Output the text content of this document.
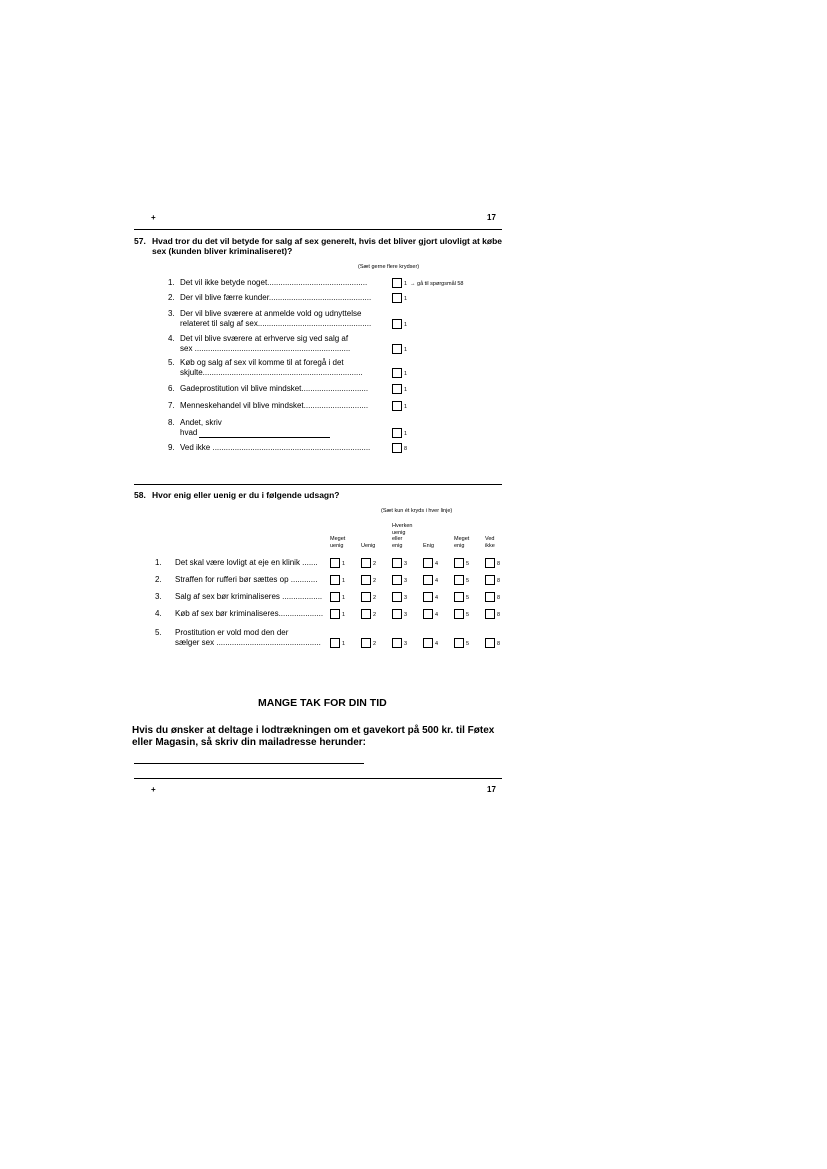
+	17
57. Hvad tror du det vil betyde for salg af sex generelt, hvis det bliver gjort ulovligt at købe sex (kunden bliver kriminaliseret)?
(Sæt gerne flere krydser)
1. Det vil ikke betyde noget.............................................	1 → gå til spørgsmål 58
2. Der vil blive færre kunder..............................................	1
3. Der vil blive sværere at anmelde vold og udnyttelse
relateret til salg af sex...................................................	1
4. Det vil blive sværere at erhverve sig ved salg af
sex ......................................................................	1
5. Køb og salg af sex vil komme til at foregå i det
skjulte........................................................................	1
6. Gadeprostitution vil blive mindsket..............................	1
7. Menneskehandel vil blive mindsket.............................	1
8. Andet, skriv
hvad	1
9. Ved ikke .......................................................................	8
58. Hvor enig eller uenig er du i følgende udsagn?
(Sæt kun ét kryds i hver linje)
Meget
uenig	Uenig
Hverken
uenig
eller
enig	Enig
Meget
enig
Ved
ikke
1. Det skal være lovligt at eje en klinik .......	1	2	3	4	5	8
2. Straffen for rufferi bør sættes op ............	1	2	3	4	5	8
3. Salg af sex bør kriminaliseres ..................	1	2	3	4	5	8
4. Køb af sex bør kriminaliseres....................	1	2	3	4	5	8
5. Prostitution er vold mod den der
sælger sex ...............................................	1	2	3	4	5	8
MANGE TAK FOR DIN TID
Hvis du ønsker at deltage i lodtrækningen om et gavekort på 500 kr. til Føtex eller Magasin, så skriv din mailadresse herunder:
+	17
